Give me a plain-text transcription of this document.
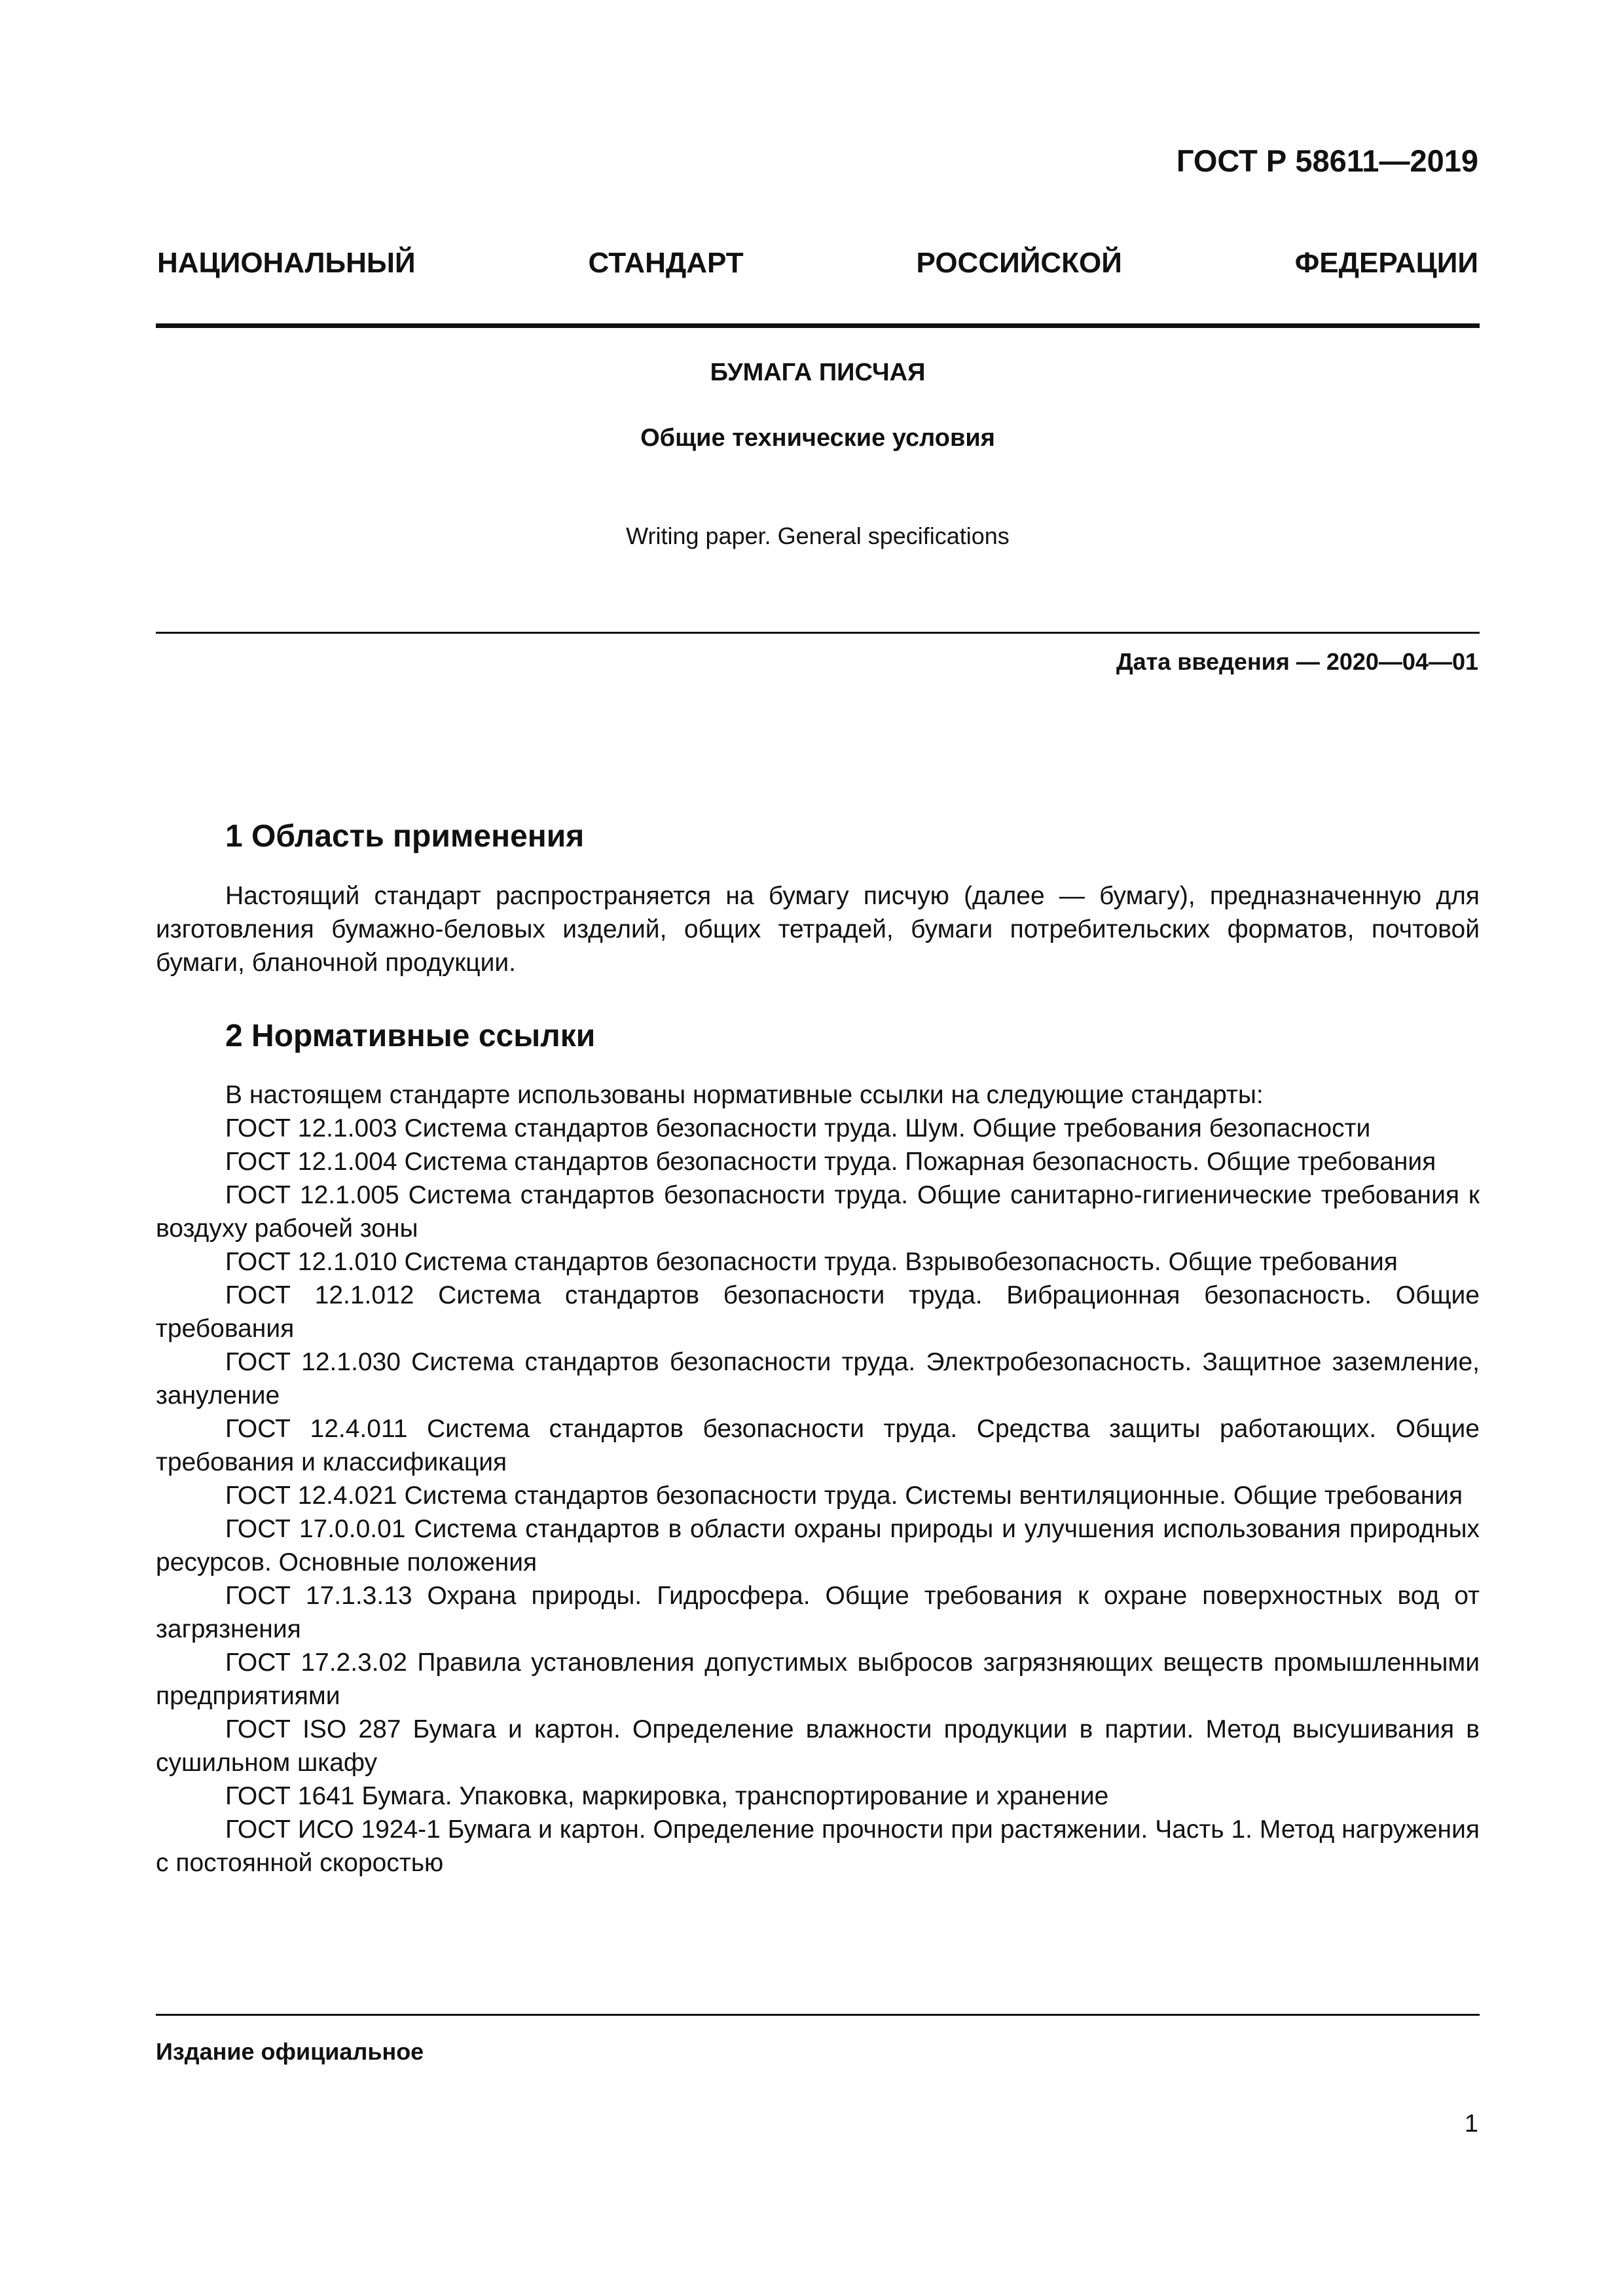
ГОСТ Р 58611—2019
НАЦИОНАЛЬНЫЙ СТАНДАРТ РОССИЙСКОЙ ФЕДЕРАЦИИ
БУМАГА ПИСЧАЯ
Общие технические условия
Writing paper. General specifications
Дата введения — 2020—04—01
1 Область применения

Настоящий стандарт распространяется на бумагу писчую (далее — бумагу), предназначенную для изготовления бумажно-беловых изделий, общих тетрадей, бумаги потребительских форматов, почтовой бумаги, бланочной продукции.

2 Нормативные ссылки

В настоящем стандарте использованы нормативные ссылки на следующие стандарты:

ГОСТ 12.1.003 Система стандартов безопасности труда. Шум. Общие требования безопасности

ГОСТ 12.1.004 Система стандартов безопасности труда. Пожарная безопасность. Общие требования

ГОСТ 12.1.005 Система стандартов безопасности труда. Общие санитарно-гигиенические требования к воздуху рабочей зоны

ГОСТ 12.1.010 Система стандартов безопасности труда. Взрывобезопасность. Общие требования

ГОСТ 12.1.012 Система стандартов безопасности труда. Вибрационная безопасность. Общие требования

ГОСТ 12.1.030 Система стандартов безопасности труда. Электробезопасность. Защитное заземление, зануление

ГОСТ 12.4.011 Система стандартов безопасности труда. Средства защиты работающих. Общие требования и классификация

ГОСТ 12.4.021 Система стандартов безопасности труда. Системы вентиляционные. Общие требования

ГОСТ 17.0.0.01 Система стандартов в области охраны природы и улучшения использования природных ресурсов. Основные положения

ГОСТ 17.1.3.13 Охрана природы. Гидросфера. Общие требования к охране поверхностных вод от загрязнения

ГОСТ 17.2.3.02 Правила установления допустимых выбросов загрязняющих веществ промышленными предприятиями

ГОСТ ISO 287 Бумага и картон. Определение влажности продукции в партии. Метод высушивания в сушильном шкафу

ГОСТ 1641 Бумага. Упаковка, маркировка, транспортирование и хранение

ГОСТ ИСО 1924-1 Бумага и картон. Определение прочности при растяжении. Часть 1. Метод нагружения с постоянной скоростью

Издание официальное
1
